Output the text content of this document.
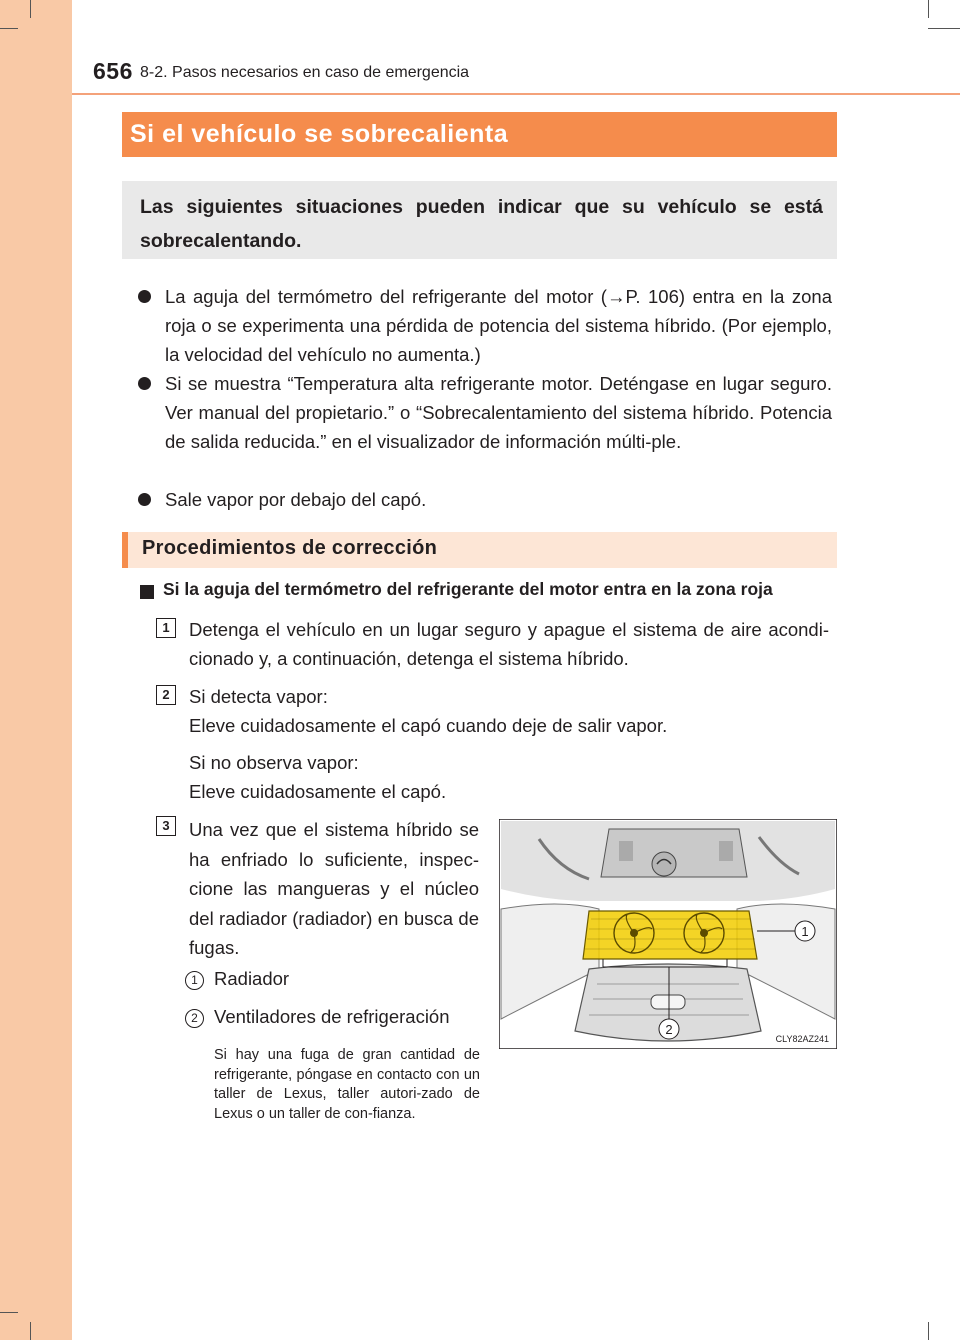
656 8-2. Pasos necesarios en caso de emergencia
Si el vehículo se sobrecalienta

Las siguientes situaciones pueden indicar que su vehículo se está sobrecalentando.

La aguja del termómetro del refrigerante del motor (→P. 106) entra en la zona roja o se experimenta una pérdida de potencia del sistema híbrido. (Por ejemplo, la velocidad del vehículo no aumenta.)

Si se muestra “Temperatura alta refrigerante motor. Deténgase en lugar seguro. Ver manual del propietario.” o “Sobrecalentamiento del sistema híbrido. Potencia de salida reducida.” en el visualizador de información múlti-ple.

Sale vapor por debajo del capó.

Procedimientos de corrección
Si la aguja del termómetro del refrigerante del motor entra en la zona roja
1	Detenga el vehículo en un lugar seguro y apague el sistema de aire acondi-cionado y, a continuación, detenga el sistema híbrido.

2	Si detecta vapor:

Eleve cuidadosamente el capó cuando deje de salir vapor.

Si no observa vapor:

Eleve cuidadosamente el capó.

3	Una vez que el sistema híbrido se ha enfriado lo suficiente, inspec-cione las mangueras y el núcleo del radiador (radiador) en busca de fugas.

1 Radiador
2 Ventiladores de refrigeración

Si hay una fuga de gran cantidad de refrigerante, póngase en contacto con un taller de Lexus, taller autori-zado de Lexus o un taller de con-fianza.

1
2
CLY82AZ241
